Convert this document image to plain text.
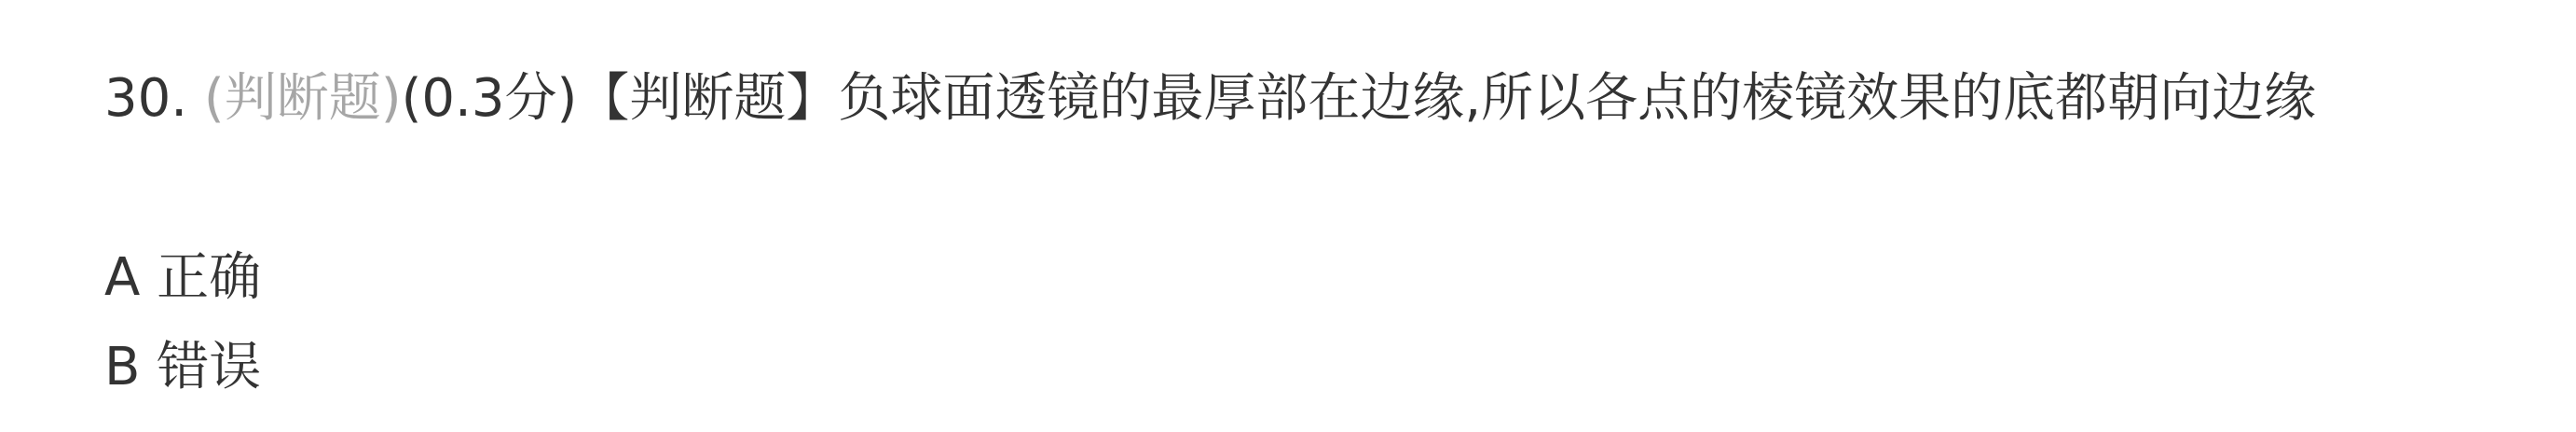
30. (判断题)(0.3分)【判断题】负球面透镜的最厚部在边缘,所以各点的棱镜效果的底都朝向边缘
A 正确
B 错误
